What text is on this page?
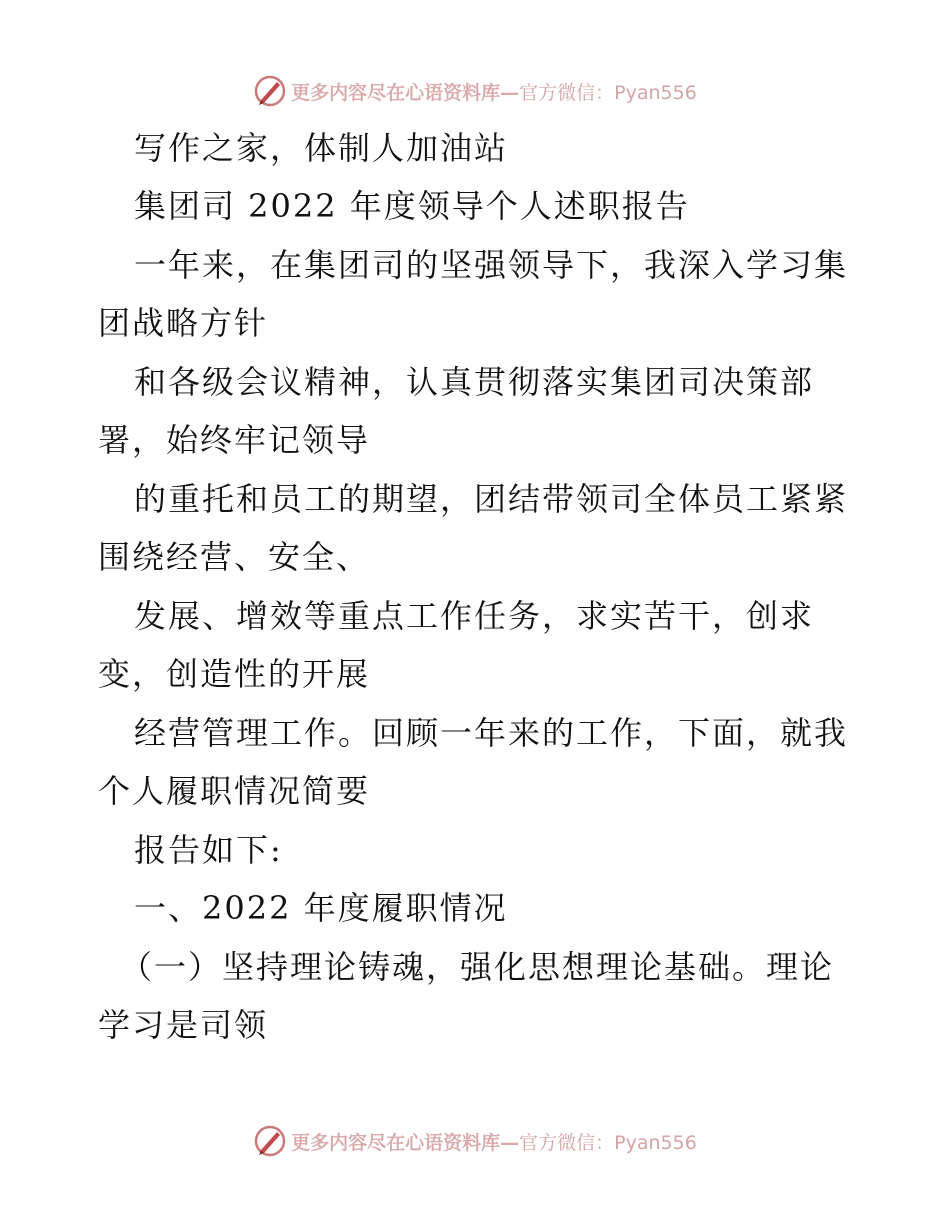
更多内容尽在心语资料库—官方微信：Pyan556
写作之家，体制人加油站
集团司 2022 年度领导个人述职报告
一年来，在集团司的坚强领导下，我深入学习集
团战略方针
和各级会议精神，认真贯彻落实集团司决策部
署，始终牢记领导
的重托和员工的期望，团结带领司全体员工紧紧
围绕经营、安全、
发展、增效等重点工作任务，求实苦干，创求
变，创造性的开展
经营管理工作。回顾一年来的工作，下面，就我
个人履职情况简要
报告如下:
一、2022 年度履职情况
（一）坚持理论铸魂，强化思想理论基础。理论
学习是司领
更多内容尽在心语资料库—官方微信：Pyan556
